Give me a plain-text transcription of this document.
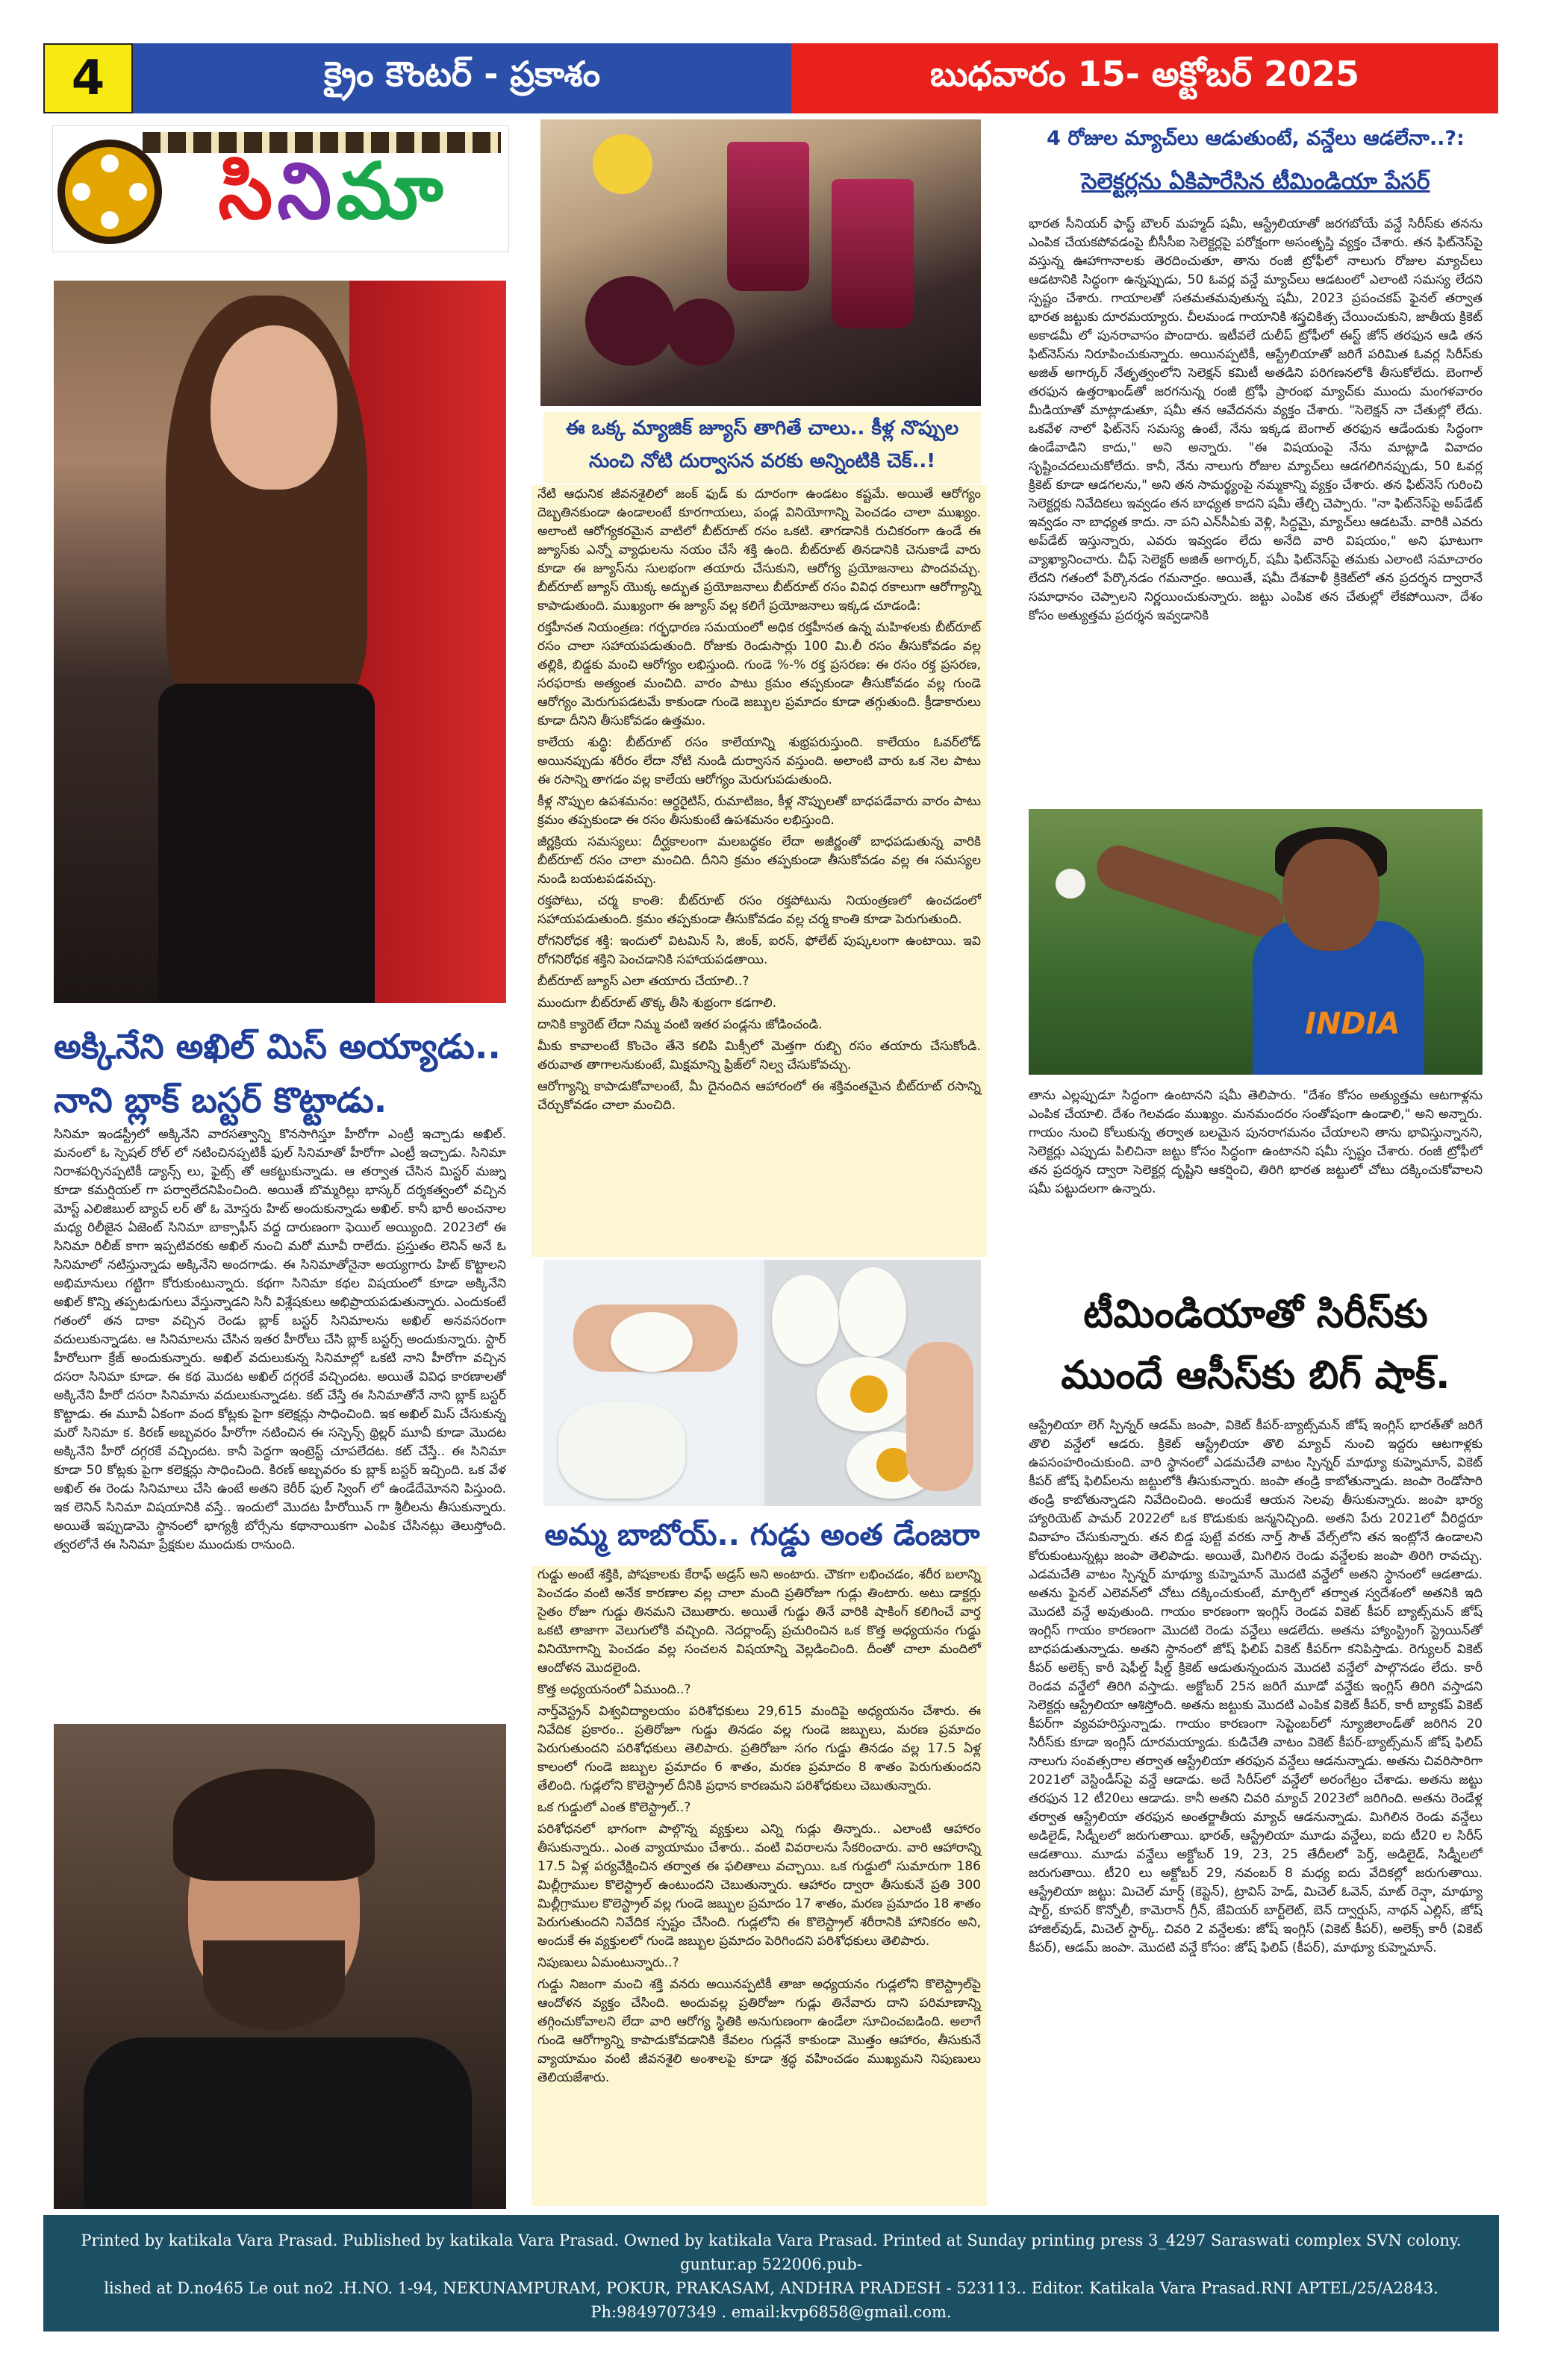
4	క్రైం కౌంటర్ - ప్రకాశం	బుధవారం 15- అక్టోబర్ 2025
సి ని మా
అక్కినేని అఖిల్ మిస్ అయ్యాడు..
నాని బ్లాక్ బస్టర్ కొట్టాడు.

సినిమా ఇండస్ట్రీలో అక్కినేని వారసత్వాన్ని కొనసాగిస్తూ హీరోగా ఎంట్రీ ఇచ్చాడు అఖిల్. మనంలో ఓ స్పెషల్ రోల్ లో నటించినప్పటికీ ఫుల్ సినిమాతో హీరోగా ఎంట్రీ ఇచ్చాడు. సినిమా నిరాశపర్చినప్పటికీ డ్యాన్స్ లు, ఫైట్స్ తో ఆకట్టుకున్నాడు. ఆ తర్వాత చేసిన మిస్టర్ మజ్ను కూడా కమర్షియల్ గా పర్వాలేదనిపించింది. అయితే బొమ్మరిల్లు భాస్కర్ దర్శకత్వంలో వచ్చిన మోస్ట్ ఎలిజిబుల్ బ్యాచ్ లర్ తో ఓ మోస్తరు హిట్ అందుకున్నాడు అఖిల్. కానీ భారీ అంచనాల మధ్య రిలీజైన ఏజెంట్ సినిమా బాక్సాఫీస్ వద్ద దారుణంగా ఫెయిల్ అయ్యింది. 2023లో ఈ సినిమా రిలీజ్ కాగా ఇప్పటివరకు అఖిల్ నుంచి మరో మూవీ రాలేదు. ప్రస్తుతం లెనిన్ అనే ఓ సినిమాలో నటిస్తున్నాడు అక్కినేని అందగాడు. ఈ సినిమాతోనైనా అయ్యగారు హిట్ కొట్టాలని అభిమానులు గట్టిగా కోరుకుంటున్నారు. కథగా సినిమా కథల విషయంలో కూడా అక్కినేని అఖిల్ కొన్ని తప్పటడుగులు వేస్తున్నాడని సినీ విశ్లేషకులు అభిప్రాయపడుతున్నారు. ఎందుకంటే గతంలో తన దాకా వచ్చిన రెండు బ్లాక్ బస్టర్ సినిమాలను అఖిల్ అనవసరంగా వదులుకున్నాడట. ఆ సినిమాలను చేసిన ఇతర హీరోలు చేసి బ్లాక్ బస్టర్స్ అందుకున్నారు. స్టార్ హీరోలుగా క్రేజ్ అందుకున్నారు. అఖిల్ వదులుకున్న సినిమాల్లో ఒకటి నాని హీరోగా వచ్చిన దసరా సినిమా కూడా. ఈ కథ మొదట అఖిల్ దగ్గరకే వచ్చిందట. అయితే వివిధ కారణాలతో అక్కినేని హీరో దసరా సినిమాను వదులుకున్నాడట. కట్ చేస్తే ఈ సినిమాతోనే నాని బ్లాక్ బస్టర్ కొట్టాడు. ఈ మూవీ ఏకంగా వంద కోట్లకు పైగా కలెక్షన్లు సాధించింది. ఇక అఖిల్ మిస్ చేసుకున్న మరో సినిమా క. కిరణ్ అబ్బవరం హీరోగా నటించిన ఈ సస్పెన్స్ థ్రిల్లర్ మూవీ కూడా మొదట అక్కినేని హీరో దగ్గరకే వచ్చిందట. కానీ పెద్దగా ఇంట్రెస్ట్ చూపలేదట. కట్ చేస్తే.. ఈ సినిమా కూడా 50 కోట్లకు పైగా కలెక్షన్లు సాధించింది. కిరణ్ అబ్బవరం కు బ్లాక్ బస్టర్ ఇచ్చింది. ఒక వేళ అఖిల్ ఈ రెండు సినిమాలు చేసి ఉంటే అతని కెరీర్ ఫుల్ స్వింగ్ లో ఉండేదేమోనని పిస్తుంది. ఇక లెనిన్ సినిమా విషయానికి వస్తే.. ఇందులో మొదట హీరోయిన్ గా శ్రీలీలను తీసుకున్నారు. అయితే ఇప్పుడామె స్థానంలో భాగ్యశ్రీ బోర్సేను కథానాయికగా ఎంపిక చేసినట్లు తెలుస్తోంది. త్వరలోనే ఈ సినిమా ప్రేక్షకుల ముందుకు రానుంది.

ఈ ఒక్క మ్యాజిక్ జ్యూస్ తాగితే చాలు.. కీళ్ల నొప్పుల
నుంచి నోటి దుర్వాసన వరకు అన్నింటికి చెక్..!

నేటి ఆధునిక జీవనశైలిలో జంక్ ఫుడ్ కు దూరంగా ఉండటం కష్టమే. అయితే ఆరోగ్యం దెబ్బతినకుండా ఉండాలంటే కూరగాయలు, పండ్ల వినియోగాన్ని పెంచడం చాలా ముఖ్యం. అలాంటి ఆరోగ్యకరమైన వాటిలో బీట్‌రూట్ రసం ఒకటి. తాగడానికి రుచికరంగా ఉండే ఈ జ్యూస్‌కు ఎన్నో వ్యాధులను నయం చేసే శక్తి ఉంది. బీట్‌రూట్ తినడానికి చెనుకాడే వారు కూడా ఈ జ్యూస్‌ను సులభంగా తయారు చేసుకుని, ఆరోగ్య ప్రయోజనాలు పొందవచ్చు. బీట్‌రూట్ జ్యూస్ యొక్క అద్భుత ప్రయోజనాలు బీట్‌రూట్ రసం వివిధ రకాలుగా ఆరోగ్యాన్ని కాపాడుతుంది. ముఖ్యంగా ఈ జ్యూస్ వల్ల కలిగే ప్రయోజనాలు ఇక్కడ చూడండి:

రక్తహీనత నియంత్రణ: గర్భధారణ సమయంలో అధిక రక్తహీనత ఉన్న మహిళలకు బీట్‌రూట్ రసం చాలా సహాయపడుతుంది. రోజుకు రెండుసార్లు 100 మి.లీ రసం తీసుకోవడం వల్ల తల్లికి, బిడ్డకు మంచి ఆరోగ్యం లభిస్తుంది. గుండె %-% రక్త ప్రసరణ: ఈ రసం రక్త ప్రసరణ, సరఫరాకు అత్యంత మంచిది. వారం పాటు క్రమం తప్పకుండా తీసుకోవడం వల్ల గుండె ఆరోగ్యం మెరుగుపడటమే కాకుండా గుండె జబ్బుల ప్రమాదం కూడా తగ్గుతుంది. క్రీడాకారులు కూడా దీనిని తీసుకోవడం ఉత్తమం.

కాలేయ శుద్ధి: బీట్‌రూట్ రసం కాలేయాన్ని శుభ్రపరుస్తుంది. కాలేయం ఓవర్‌లోడ్ అయినప్పుడు శరీరం లేదా నోటి నుండి దుర్వాసన వస్తుంది. అలాంటి వారు ఒక నెల పాటు ఈ రసాన్ని తాగడం వల్ల కాలేయ ఆరోగ్యం మెరుగుపడుతుంది.

కీళ్ల నొప్పుల ఉపశమనం: ఆర్థరైటిస్, రుమాటిజం, కీళ్ల నొప్పులతో బాధపడేవారు వారం పాటు క్రమం తప్పకుండా ఈ రసం తీసుకుంటే ఉపశమనం లభిస్తుంది.

జీర్ణక్రియ సమస్యలు: దీర్ఘకాలంగా మలబద్ధకం లేదా అజీర్ణంతో బాధపడుతున్న వారికి బీట్‌రూట్ రసం చాలా మంచిది. దీనిని క్రమం తప్పకుండా తీసుకోవడం వల్ల ఈ సమస్యల నుండి బయటపడవచ్చు.

రక్తపోటు, చర్మ కాంతి: బీట్‌రూట్ రసం రక్తపోటును నియంత్రణలో ఉంచడంలో సహాయపడుతుంది. క్రమం తప్పకుండా తీసుకోవడం వల్ల చర్మ కాంతి కూడా పెరుగుతుంది.

రోగనిరోధక శక్తి: ఇందులో విటమిన్ సి, జింక్, ఐరన్, ఫోలేట్ పుష్కలంగా ఉంటాయి. ఇవి రోగనిరోధక శక్తిని పెంచడానికి సహాయపడతాయి.

బీట్‌రూట్ జ్యూస్ ఎలా తయారు చేయాలి..?

ముందుగా బీట్‌రూట్ తొక్క తీసి శుభ్రంగా కడగాలి.

దానికి క్యారెట్ లేదా నిమ్మ వంటి ఇతర పండ్లను జోడించండి.

మీకు కావాలంటే కొంచెం తేనె కలిపి మిక్సీలో మెత్తగా రుబ్బి రసం తయారు చేసుకోండి. తరువాత తాగాలనుకుంటే, మిక్షమాన్ని ఫ్రిజ్‌లో నిల్వ చేసుకోవచ్చు.

ఆరోగ్యాన్ని కాపాడుకోవాలంటే, మీ దైనందిన ఆహారంలో ఈ శక్తివంతమైన బీట్‌రూట్ రసాన్ని చేర్చుకోవడం చాలా మంచిది.

అమ్మ బాబోయ్.. గుడ్డు అంత డేంజరా

గుడ్డు అంటే శక్తికి, పోషకాలకు కేరాఫ్ అడ్రస్ అని అంటారు. చౌకగా లభించడం, శరీర బలాన్ని పెంచడం వంటి అనేక కారణాల వల్ల చాలా మంది ప్రతిరోజూ గుడ్లు తింటారు. అటు డాక్టర్లు సైతం రోజూ గుడ్డు తినమని చెబుతారు. అయితే గుడ్డు తినే వారికి షాకింగ్ కలిగించే వార్త ఒకటి తాజాగా వెలుగులోకి వచ్చింది. నెదర్లాండ్స్ ప్రచురించిన ఒక కొత్త అధ్యయనం గుడ్డు వినియోగాన్ని పెంచడం వల్ల సంచలన విషయాన్ని వెల్లడించింది. దీంతో చాలా మందిలో ఆందోళన మొదలైంది.

కొత్త అధ్యయనంలో ఏముంది..?

నార్త్‌వెస్ట్రన్ విశ్వవిద్యాలయం పరిశోధకులు 29,615 మందిపై అధ్యయనం చేశారు. ఈ నివేదిక ప్రకారం.. ప్రతిరోజూ గుడ్డు తినడం వల్ల గుండె జబ్బులు, మరణ ప్రమాదం పెరుగుతుందని పరిశోధకులు తెలిపారు. ప్రతిరోజూ సగం గుడ్డు తినడం వల్ల 17.5 ఏళ్ల కాలంలో గుండె జబ్బుల ప్రమాదం 6 శాతం, మరణ ప్రమాదం 8 శాతం పెరుగుతుందని తేలింది. గుడ్లలోని కొలెస్ట్రాల్ దీనికి ప్రధాన కారణమని పరిశోధకులు చెబుతున్నారు.

ఒక గుడ్డులో ఎంత కొలెస్ట్రాల్..?

పరిశోధనలో భాగంగా పాల్గొన్న వ్యక్తులు ఎన్ని గుడ్లు తిన్నారు.. ఎలాంటి ఆహారం తీసుకున్నారు.. ఎంత వ్యాయామం చేశారు.. వంటి వివరాలను సేకరించారు. వారి ఆహారాన్ని 17.5 ఏళ్ల పర్యవేక్షించిన తర్వాత ఈ ఫలితాలు వచ్చాయి. ఒక గుడ్డులో సుమారుగా 186 మిల్లీగ్రాముల కొలెస్ట్రాల్ ఉంటుందని చెబుతున్నారు. ఆహారం ద్వారా తీసుకునే ప్రతి 300 మిల్లీగ్రాముల కొలెస్ట్రాల్ వల్ల గుండె జబ్బుల ప్రమాదం 17 శాతం, మరణ ప్రమాదం 18 శాతం పెరుగుతుందని నివేదిక స్పష్టం చేసింది. గుడ్లలోని ఈ కొలెస్ట్రాల్ శరీరానికి హానికరం అని, అందుకే ఈ వ్యక్తులలో గుండె జబ్బుల ప్రమాదం పెరిగిందని పరిశోధకులు తెలిపారు.

నిపుణులు ఏమంటున్నారు..?

గుడ్డు నిజంగా మంచి శక్తి వనరు అయినప్పటికీ తాజా అధ్యయనం గుడ్లలోని కొలెస్ట్రాల్‌పై ఆందోళన వ్యక్తం చేసింది. అందువల్ల ప్రతిరోజూ గుడ్లు తినేవారు దాని పరిమాణాన్ని తగ్గించుకోవాలని లేదా వారి ఆరోగ్య స్థితికి అనుగుణంగా ఉండేలా సూచించబడింది. అలాగే గుండె ఆరోగ్యాన్ని కాపాడుకోవడానికి కేవలం గుడ్లనే కాకుండా మొత్తం ఆహారం, తీసుకునే వ్యాయామం వంటి జీవనశైలి అంశాలపై కూడా శ్రద్ధ వహించడం ముఖ్యమని నిపుణులు తెలియజేశారు.

4 రోజుల మ్యాచ్‌లు ఆడుతుంటే, వన్డేలు ఆడలేనా..?:
సెలెక్టర్లను ఏకిపారేసిన టీమిండియా పేసర్

భారత సీనియర్ ఫాస్ట్ బౌలర్ మహ్మద్ షమీ, ఆస్ట్రేలియాతో జరగబోయే వన్డే సిరీస్‌కు తనను ఎంపిక చేయకపోవడంపై బీసీసీఐ సెలెక్టర్లపై పరోక్షంగా అసంతృప్తి వ్యక్తం చేశారు. తన ఫిట్‌నెస్‌పై వస్తున్న ఊహాగానాలకు తెరదించుతూ, తాను రంజీ ట్రోఫీలో నాలుగు రోజుల మ్యాచ్‌లు ఆడటానికి సిద్ధంగా ఉన్నప్పుడు, 50 ఓవర్ల వన్డే మ్యాచ్‌లు ఆడటంలో ఎలాంటి సమస్య లేదని స్పష్టం చేశారు. గాయాలతో సతమతమవుతున్న షమీ, 2023 ప్రపంచకప్ ఫైనల్ తర్వాత భారత జట్టుకు దూరమయ్యారు. చీలమండ గాయానికి శస్త్రచికిత్స చేయించుకుని, జాతీయ క్రికెట్ అకాడమీ లో పునరావాసం పొందారు. ఇటీవలే దులీప్ ట్రోఫీలో ఈస్ట్ జోన్ తరఫున ఆడి తన ఫిట్‌నెస్‌ను నిరూపించుకున్నారు. అయినప్పటికీ, ఆస్ట్రేలియాతో జరిగే పరిమిత ఓవర్ల సిరీస్‌కు అజిత్ అగార్కర్ నేతృత్వంలోని సెలెక్షన్ కమిటీ అతడిని పరిగణనలోకి తీసుకోలేదు. బెంగాల్ తరఫున ఉత్తరాఖండ్‌తో జరగనున్న రంజీ ట్రోఫీ ప్రారంభ మ్యాచ్‌కు ముందు మంగళవారం మీడియాతో మాట్లాడుతూ, షమీ తన ఆవేదనను వ్యక్తం చేశారు. "సెలెక్షన్ నా చేతుల్లో లేదు. ఒకవేళ నాలో ఫిట్‌నెస్ సమస్య ఉంటే, నేను ఇక్కడ బెంగాల్ తరఫున ఆడేందుకు సిద్ధంగా ఉండేవాడిని కాదు," అని అన్నారు. "ఈ విషయంపై నేను మాట్లాడి వివాదం సృష్టించదలుచుకోలేదు. కానీ, నేను నాలుగు రోజుల మ్యాచ్‌లు ఆడగలిగినప్పుడు, 50 ఓవర్ల క్రికెట్ కూడా ఆడగలను," అని తన సామర్థ్యంపై నమ్మకాన్ని వ్యక్తం చేశారు. తన ఫిట్‌నెస్ గురించి సెలెక్టర్లకు నివేదికలు ఇవ్వడం తన బాధ్యత కాదని షమీ తేల్చి చెప్పారు. "నా ఫిట్‌నెస్‌పై అప్‌డేట్ ఇవ్వడం నా బాధ్యత కాదు. నా పని ఎన్‌సీఏకు వెళ్లి, సిద్ధమై, మ్యాచ్‌లు ఆడటమే. వారికి ఎవరు అప్‌డేట్ ఇస్తున్నారు, ఎవరు ఇవ్వడం లేదు అనేది వారి విషయం," అని ఘాటుగా వ్యాఖ్యానించారు. చీఫ్ సెలెక్టర్ అజిత్ అగార్కర్, షమీ ఫిట్‌నెస్‌పై తమకు ఎలాంటి సమాచారం లేదని గతంలో పేర్కొనడం గమనార్హం. అయితే, షమీ దేశవాళీ క్రికెట్‌లో తన ప్రదర్శన ద్వారానే సమాధానం చెప్పాలని నిర్ణయించుకున్నారు. జట్టు ఎంపిక తన చేతుల్లో లేకపోయినా, దేశం కోసం అత్యుత్తమ ప్రదర్శన ఇవ్వడానికి

INDIA

తాను ఎల్లప్పుడూ సిద్ధంగా ఉంటానని షమీ తెలిపారు. "దేశం కోసం అత్యుత్తమ ఆటగాళ్లను ఎంపిక చేయాలి. దేశం గెలవడం ముఖ్యం. మనమందరం సంతోషంగా ఉండాలి," అని అన్నారు. గాయం నుంచి కోలుకున్న తర్వాత బలమైన పునరాగమనం చేయాలని తాను భావిస్తున్నానని, సెలెక్టర్లు ఎప్పుడు పిలిచినా జట్టు కోసం సిద్ధంగా ఉంటానని షమీ స్పష్టం చేశారు. రంజీ ట్రోఫీలో తన ప్రదర్శన ద్వారా సెలెక్టర్ల దృష్టిని ఆకర్షించి, తిరిగి భారత జట్టులో చోటు దక్కించుకోవాలని షమీ పట్టుదలగా ఉన్నారు.

టీమిండియాతో సిరీస్‌కు
ముందే ఆసీస్‌కు బిగ్ షాక్.

ఆస్ట్రేలియా లెగ్ స్పిన్నర్ ఆడమ్ జంపా, వికెట్ కీపర్-బ్యాట్స్‌మన్ జోష్ ఇంగ్లిస్ భారత్‌తో జరిగే తొలి వన్డేలో ఆడరు. క్రికెట్ ఆస్ట్రేలియా తొలి మ్యాచ్ నుంచి ఇద్దరు ఆటగాళ్లకు ఉపసంహరించుకుంది. వారి స్థానంలో ఎడమచేతి వాటం స్పిన్నర్ మాథ్యూ కుహ్నెమాన్, వికెట్ కీపర్ జోష్ ఫిలిప్‌లను జట్టులోకి తీసుకున్నారు. జంపా తండ్రి కాబోతున్నాడు. జంపా రెండోసారి తండ్రి కాబోతున్నాడని నివేదించింది. అందుకే ఆయన సెలవు తీసుకున్నారు. జంపా భార్య హ్యారియెట్ పామర్ 2022లో ఒక కొడుకుకు జన్మనిచ్చింది. అతని పేరు 2021లో వీరిద్దరూ వివాహం చేసుకున్నారు. తన బిడ్డ పుట్టే వరకు నార్త్ సౌత్ వేల్స్‌లోని తన ఇంట్లోనే ఉండాలని కోరుకుంటున్నట్లు జంపా తెలిపాడు. అయితే, మిగిలిన రెండు వన్డేలకు జంపా తిరిగి రావచ్చు. ఎడమచేతి వాటం స్పిన్నర్ మాథ్యూ కుహ్నెమాన్ మొదటి వన్డేలో అతని స్థానంలో ఆడతాడు. అతను ఫైనల్ ఎలెవన్‌లో చోటు దక్కించుకుంటే, మార్చిలో తర్వాత స్వదేశంలో అతనికి ఇది మొదటి వన్డే అవుతుంది. గాయం కారణంగా ఇంగ్లిస్ రెండవ వికెట్ కీపర్ బ్యాట్స్‌మన్ జోష్ ఇంగ్లిస్ గాయం కారణంగా మొదటి రెండు వన్డేలు ఆడలేదు. అతను హ్యాంస్ట్రింగ్ స్ట్రెయిన్‌తో బాధపడుతున్నాడు. అతని స్థానంలో జోష్ ఫిలిప్ వికెట్ కీపర్‌గా కనిపిస్తాడు. రెగ్యులర్ వికెట్ కీపర్ అలెక్స్ కారీ షెఫీల్డ్ షీల్డ్ క్రికెట్ ఆడుతున్నందున మొదటి వన్డేలో పాల్గొనడం లేదు. కారీ రెండవ వన్డేలో తిరిగి వస్తాడు. అక్టోబర్ 25న జరిగే మూడో వన్డేకు ఇంగ్లిస్ తిరిగి వస్తాడని సెలెక్టర్లు ఆస్ట్రేలియా ఆశిస్తోంది. అతను జట్టుకు మొదటి ఎంపిక వికెట్ కీపర్, కారీ బ్యాకప్ వికెట్ కీపర్‌గా వ్యవహరిస్తున్నాడు. గాయం కారణంగా సెప్టెంబర్‌లో న్యూజిలాండ్‌తో జరిగిన 20 సిరీస్‌కు కూడా ఇంగ్లిస్ దూరమయ్యాడు. కుడిచేతి వాటం వికెట్ కీపర్-బ్యాట్స్‌మన్ జోష్ ఫిలిప్ నాలుగు సంవత్సరాల తర్వాత ఆస్ట్రేలియా తరఫున వన్డేలు ఆడనున్నాడు. అతను చివరిసారిగా 2021లో వెస్టిండీస్‌పై వన్డే ఆడాడు. అదే సిరీస్‌లో వన్డేలో అరంగేట్రం చేశాడు. అతను జట్టు తరఫున 12 టీ20లు ఆడాడు. కానీ అతని చివరి మ్యాచ్ 2023లో జరిగింది. అతను రెండేళ్ల తర్వాత ఆస్ట్రేలియా తరఫున అంతర్జాతీయ మ్యాచ్ ఆడనున్నాడు. మిగిలిన రెండు వన్డేలు అడిలైడ్, సిడ్నీలలో జరుగుతాయి. భారత్, ఆస్ట్రేలియా మూడు వన్డేలు, ఐదు టీ20 ల సిరీస్ ఆడతాయి. మూడు వన్డేలు అక్టోబర్ 19, 23, 25 తేదీలలో పెర్త్, అడిలైడ్, సిడ్నీలలో జరుగుతాయి. టీ20 లు అక్టోబర్ 29, నవంబర్ 8 మధ్య ఐదు వేదికల్లో జరుగుతాయి. ఆస్ట్రేలియా జట్టు: మిచెల్ మార్ష్ (కెప్టెన్), ట్రావిస్ హెడ్, మిచెల్ ఓవెన్, మాట్ రెన్షా, మాథ్యూ షార్ట్, కూపర్ కొన్నోలీ, కామెరాన్ గ్రీన్, జేవియర్ బార్ట్‌లెట్, బెన్ ద్వార్షుస్, నాథన్ ఎల్లిస్, జోష్ హాజిల్‌వుడ్, మిచెల్ స్టార్క్. చివరి 2 వన్డేలకు: జోష్ ఇంగ్లిస్ (వికెట్ కీపర్), అలెక్స్ కారీ (వికెట్ కీపర్), ఆడమ్ జంపా. మొదటి వన్డే కోసం: జోష్ ఫిలిప్ (కీపర్), మాథ్యూ కుహ్నెమాన్.

Printed by katikala Vara Prasad. Published by katikala Vara Prasad. Owned by katikala Vara Prasad. Printed at Sunday printing press 3_4297 Saraswati complex SVN colony. guntur.ap 522006.pub-
lished at D.no465 Le out no2 .H.NO. 1-94, NEKUNAMPURAM, POKUR, PRAKASAM, ANDHRA PRADESH - 523113.. Editor. Katikala Vara Prasad.RNI APTEL/25/A2843.
Ph:9849707349 . email:kvp6858@gmail.com.
